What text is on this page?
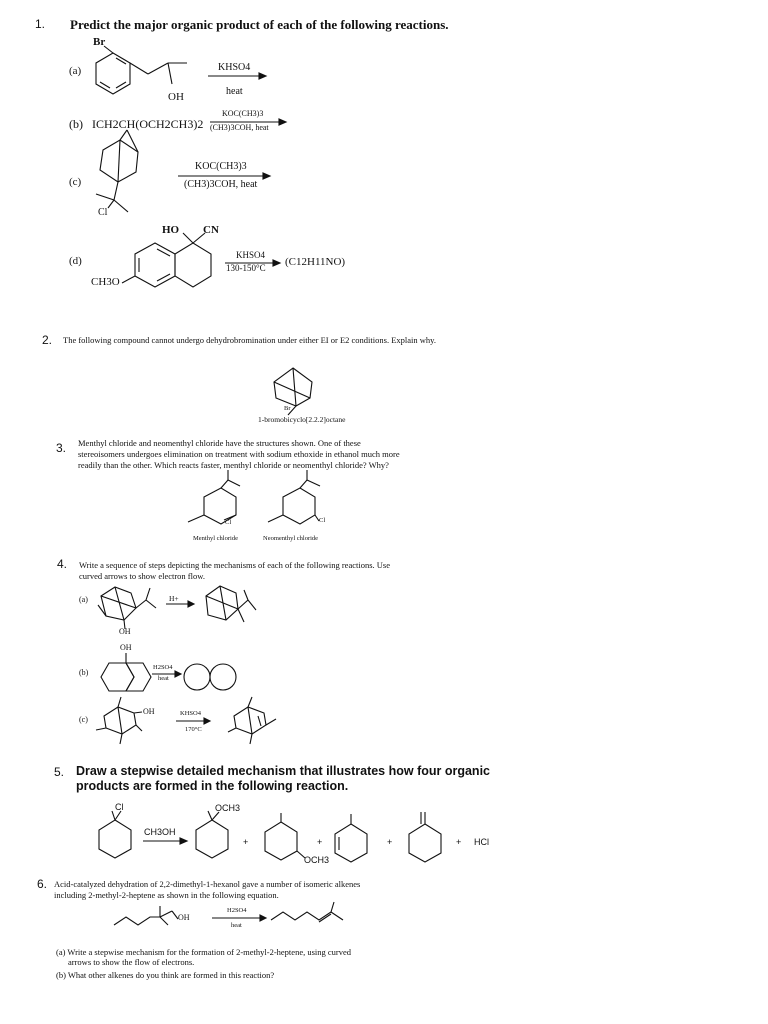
1. Predict the major organic product of each of the following reactions.
(a)
Br
OH
KHSO4
heat
(b) ICH2CH(OCH2CH3)2
KOC(CH3)3
(CH3)3COH, heat
(c)
Cl
KOC(CH3)3
(CH3)3COH, heat
(d)
HO CN
CH3O
KHSO4
130-150°C (C12H11NO)
2. The following compound cannot undergo dehydrobromination under either EI or E2 conditions. Explain why.
Br
1-bromobicyclo[2.2.2]octane
3. Menthyl chloride and neomenthyl chloride have the structures shown. One of these
stereoisomers undergoes elimination on treatment with sodium ethoxide in ethanol much more
readily than the other. Which reacts faster, menthyl chloride or neomenthyl chloride? Why?
Cl	Cl
Menthyl chloride	Neomenthyl chloride
4. Write a sequence of steps depicting the mechanisms of each of the following reactions. Use
curved arrows to show electron flow.
(a)	H+
OH
OH
(b)
H2SO4
heat
(c)
OH	KHSO4
170°C
5. Draw a stepwise detailed mechanism that illustrates how four organic
products are formed in the following reaction.
Cl
CH3OH
OCH3
+
OCH3
+	+	+ HCl
6. Acid-catalyzed dehydration of 2,2-dimethyl-1-hexanol gave a number of isomeric alkenes
including 2-methyl-2-heptene as shown in the following equation.
OH
H2SO4
heat
(a) Write a stepwise mechanism for the formation of 2-methyl-2-heptene, using curved
arrows to show the flow of electrons.
(b) What other alkenes do you think are formed in this reaction?
